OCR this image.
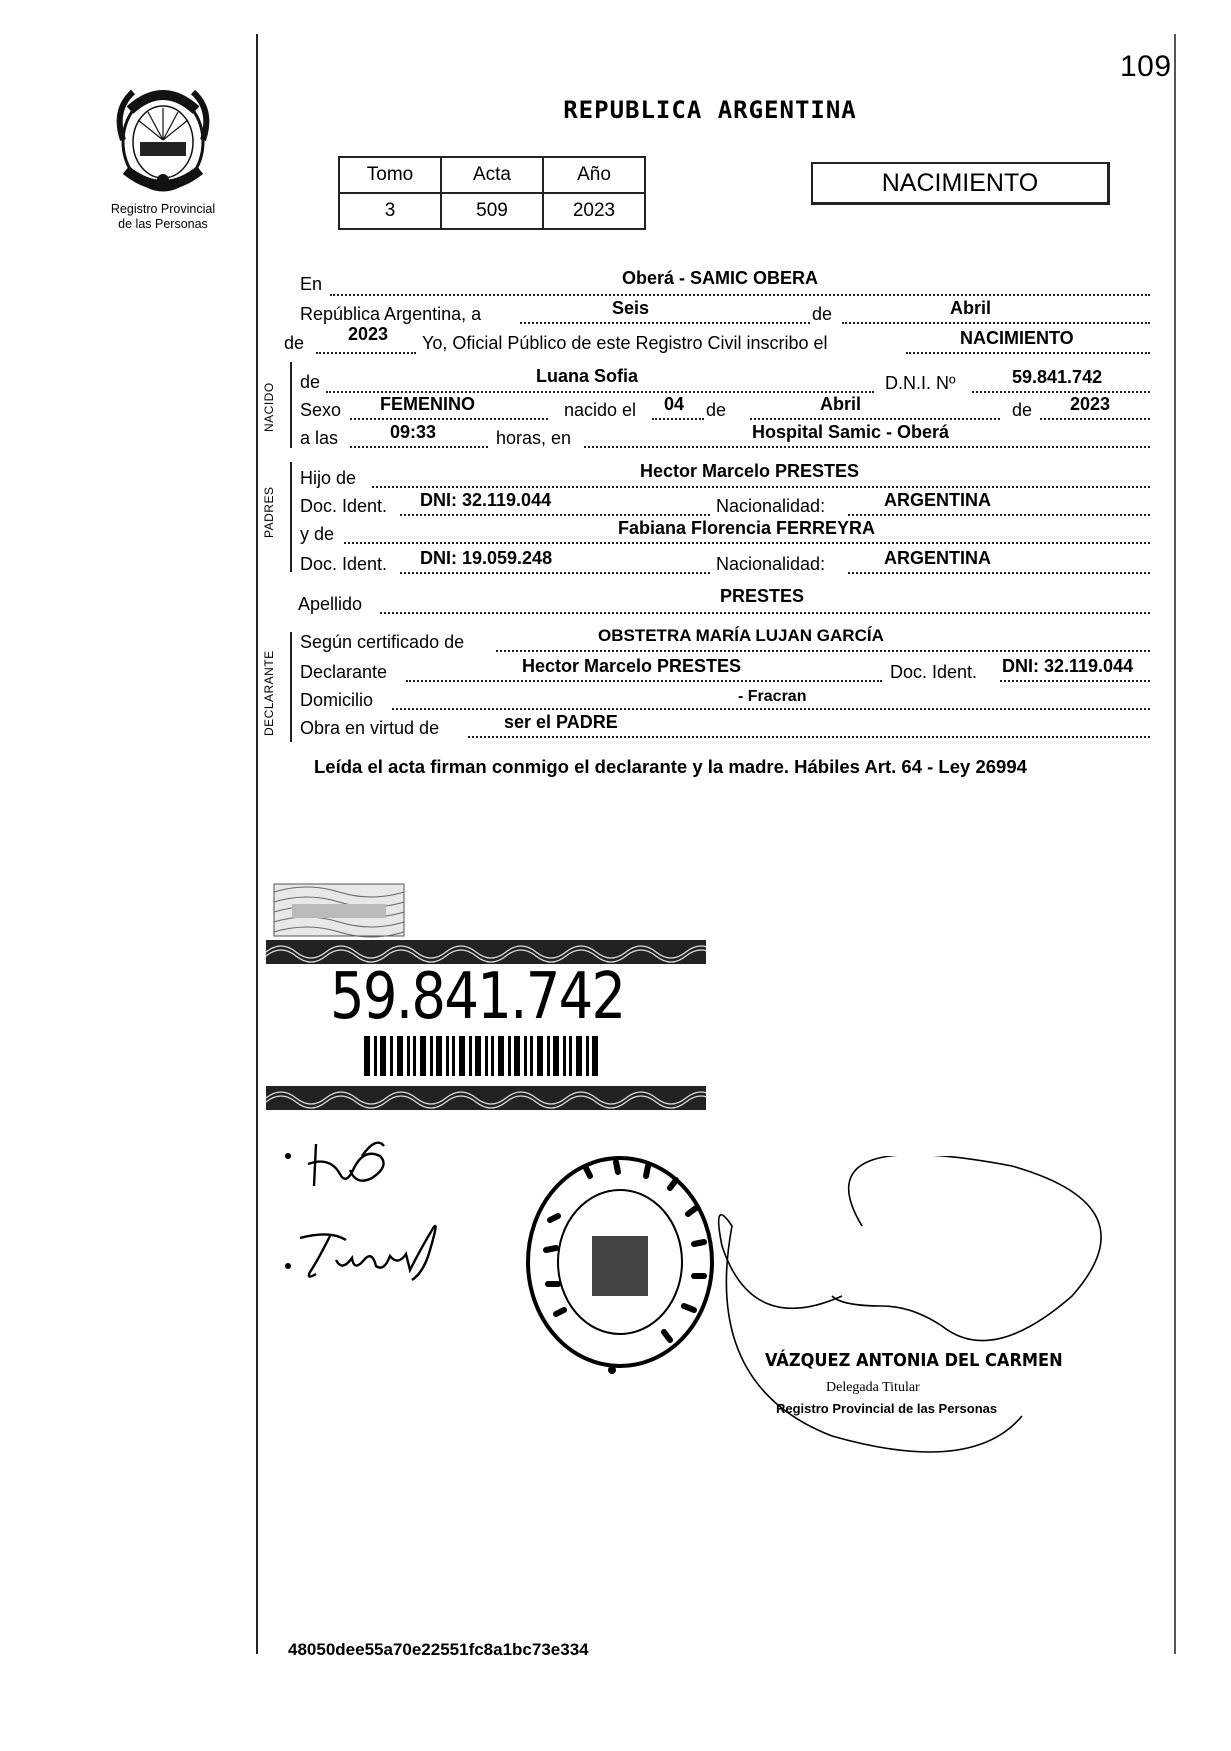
109
Registro Provincial
de las Personas
REPUBLICA ARGENTINA
Tomo	Acta	Año
3	509	2023
NACIMIENTO
En	Oberá - SAMIC OBERA
República Argentina, a	Seis	de	Abril
de 2023 Yo, Oficial Público de este Registro Civil inscribo el	NACIMIENTO
NACIDO
de	Luana Sofia	D.N.I. Nº	59.841.742
Sexo FEMENINO	nacido el 04 de	Abril	de 2023
a las	09:33	horas, en	Hospital Samic - Oberá
PADRES
Hijo de	Hector Marcelo PRESTES
Doc. Ident. DNI: 32.119.044	Nacionalidad:	ARGENTINA
y de	Fabiana Florencia FERREYRA
Doc. Ident. DNI: 19.059.248	Nacionalidad:	ARGENTINA
Apellido	PRESTES
DECLARANTE
Según certificado de	OBSTETRA MARÍA LUJAN GARCÍA
Declarante	Hector Marcelo PRESTES	Doc. Ident. DNI: 32.119.044
Domicilio	- Fracran
Obra en virtud de	ser el PADRE
Leída el acta firman conmigo el declarante y la madre. Hábiles Art. 64 - Ley 26994
59.841.742
VÁZQUEZ ANTONIA DEL CARMEN
Delegada Titular
Registro Provincial de las Personas
48050dee55a70e22551fc8a1bc73e334
